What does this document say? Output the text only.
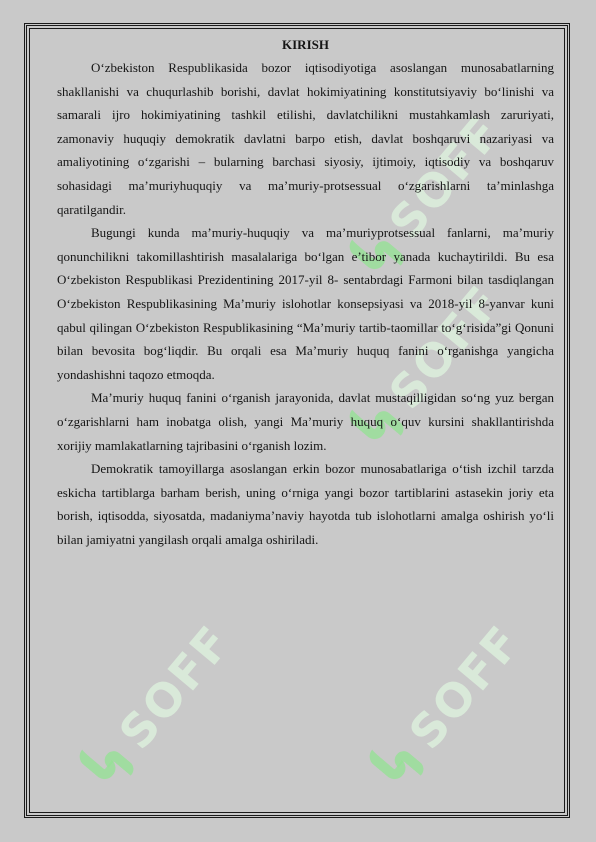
SOFF
SOFF
SOFF	SOFF
KIRISH

O‘zbekiston Respublikasida bozor iqtisodiyotiga asoslangan munosabatlarning shakllanishi va chuqurlashib borishi, davlat hokimiyatining konstitutsiyaviy bo‘linishi va samarali ijro hokimiyatining tashkil etilishi, davlatchilikni mustahkamlash zaruriyati, zamonaviy huquqiy demokratik davlatni barpo etish, davlat boshqaruvi nazariyasi va amaliyotining o‘zgarishi – bularning barchasi siyosiy, ijtimoiy, iqtisodiy va boshqaruv sohasidagi ma’muriyhuquqiy va ma’muriy-protsessual o‘zgarishlarni ta’minlashga qaratilgandir.

Bugungi kunda ma’muriy-huquqiy va ma’muriyprotsessual fanlarni, ma’muriy qonunchilikni takomillashtirish masalalariga bo‘lgan e’tibor yanada kuchaytirildi. Bu esa O‘zbekiston Respublikasi Prezidentining 2017-yil 8- sentabrdagi Farmoni bilan tasdiqlangan O‘zbekiston Respublikasining Ma’muriy islohotlar konsepsiyasi va 2018-yil 8-yanvar kuni qabul qilingan O‘zbekiston Respublikasining “Ma’muriy tartib-taomillar to‘g‘risida”gi Qonuni bilan bevosita bog‘liqdir. Bu orqali esa Ma’muriy huquq fanini o‘rganishga yangicha yondashishni taqozo etmoqda.

Ma’muriy huquq fanini o‘rganish jarayonida, davlat mustaqilligidan so‘ng yuz bergan o‘zgarishlarni ham inobatga olish, yangi Ma’muriy huquq o‘quv kursini shakllantirishda xorijiy mamlakatlarning tajribasini o‘rganish lozim.

Demokratik tamoyillarga asoslangan erkin bozor munosabatlariga o‘tish izchil tarzda eskicha tartiblarga barham berish, uning o‘rniga yangi bozor tartiblarini astasekin joriy eta borish, iqtisodda, siyosatda, madaniyma’naviy hayotda tub islohotlarni amalga oshirish yo‘li bilan jamiyatni yangilash orqali amalga oshiriladi.
